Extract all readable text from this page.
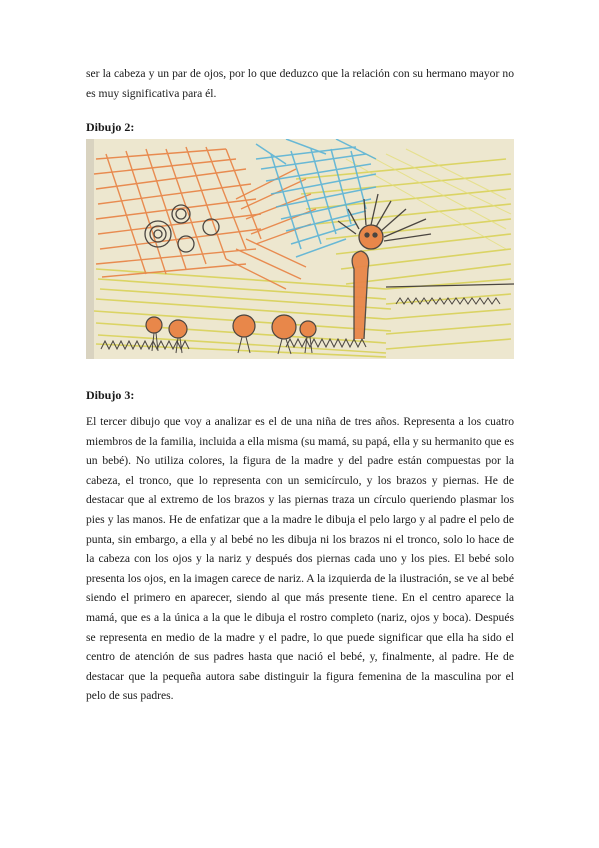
ser la cabeza y un par de ojos, por lo que deduzco que la relación con su hermano mayor no es muy significativa para él.

Dibujo 2:
Dibujo 3:

El tercer dibujo que voy a analizar es el de una niña de tres años. Representa a los cuatro miembros de la familia, incluida a ella misma (su mamá, su papá, ella y su hermanito que es un bebé). No utiliza colores, la figura de la madre y del padre están compuestas por la cabeza, el tronco, que lo representa con un semicírculo, y los brazos y piernas. He de destacar que al extremo de los brazos y las piernas traza un círculo queriendo plasmar los pies y las manos. He de enfatizar que a la madre le dibuja el pelo largo y al padre el pelo de punta, sin embargo, a ella y al bebé no les dibuja ni los brazos ni el tronco, solo lo hace de la cabeza con los ojos y la nariz y después dos piernas cada uno y los pies. El bebé solo presenta los ojos, en la imagen carece de nariz. A la izquierda de la ilustración, se ve al bebé siendo el primero en aparecer, siendo al que más presente tiene. En el centro aparece la mamá, que es a la única a la que le dibuja el rostro completo (nariz, ojos y boca). Después se representa en medio de la madre y el padre, lo que puede significar que ella ha sido el centro de atención de sus padres hasta que nació el bebé, y, finalmente, al padre. He de destacar que la pequeña autora sabe distinguir la figura femenina de la masculina por el pelo de sus padres.
